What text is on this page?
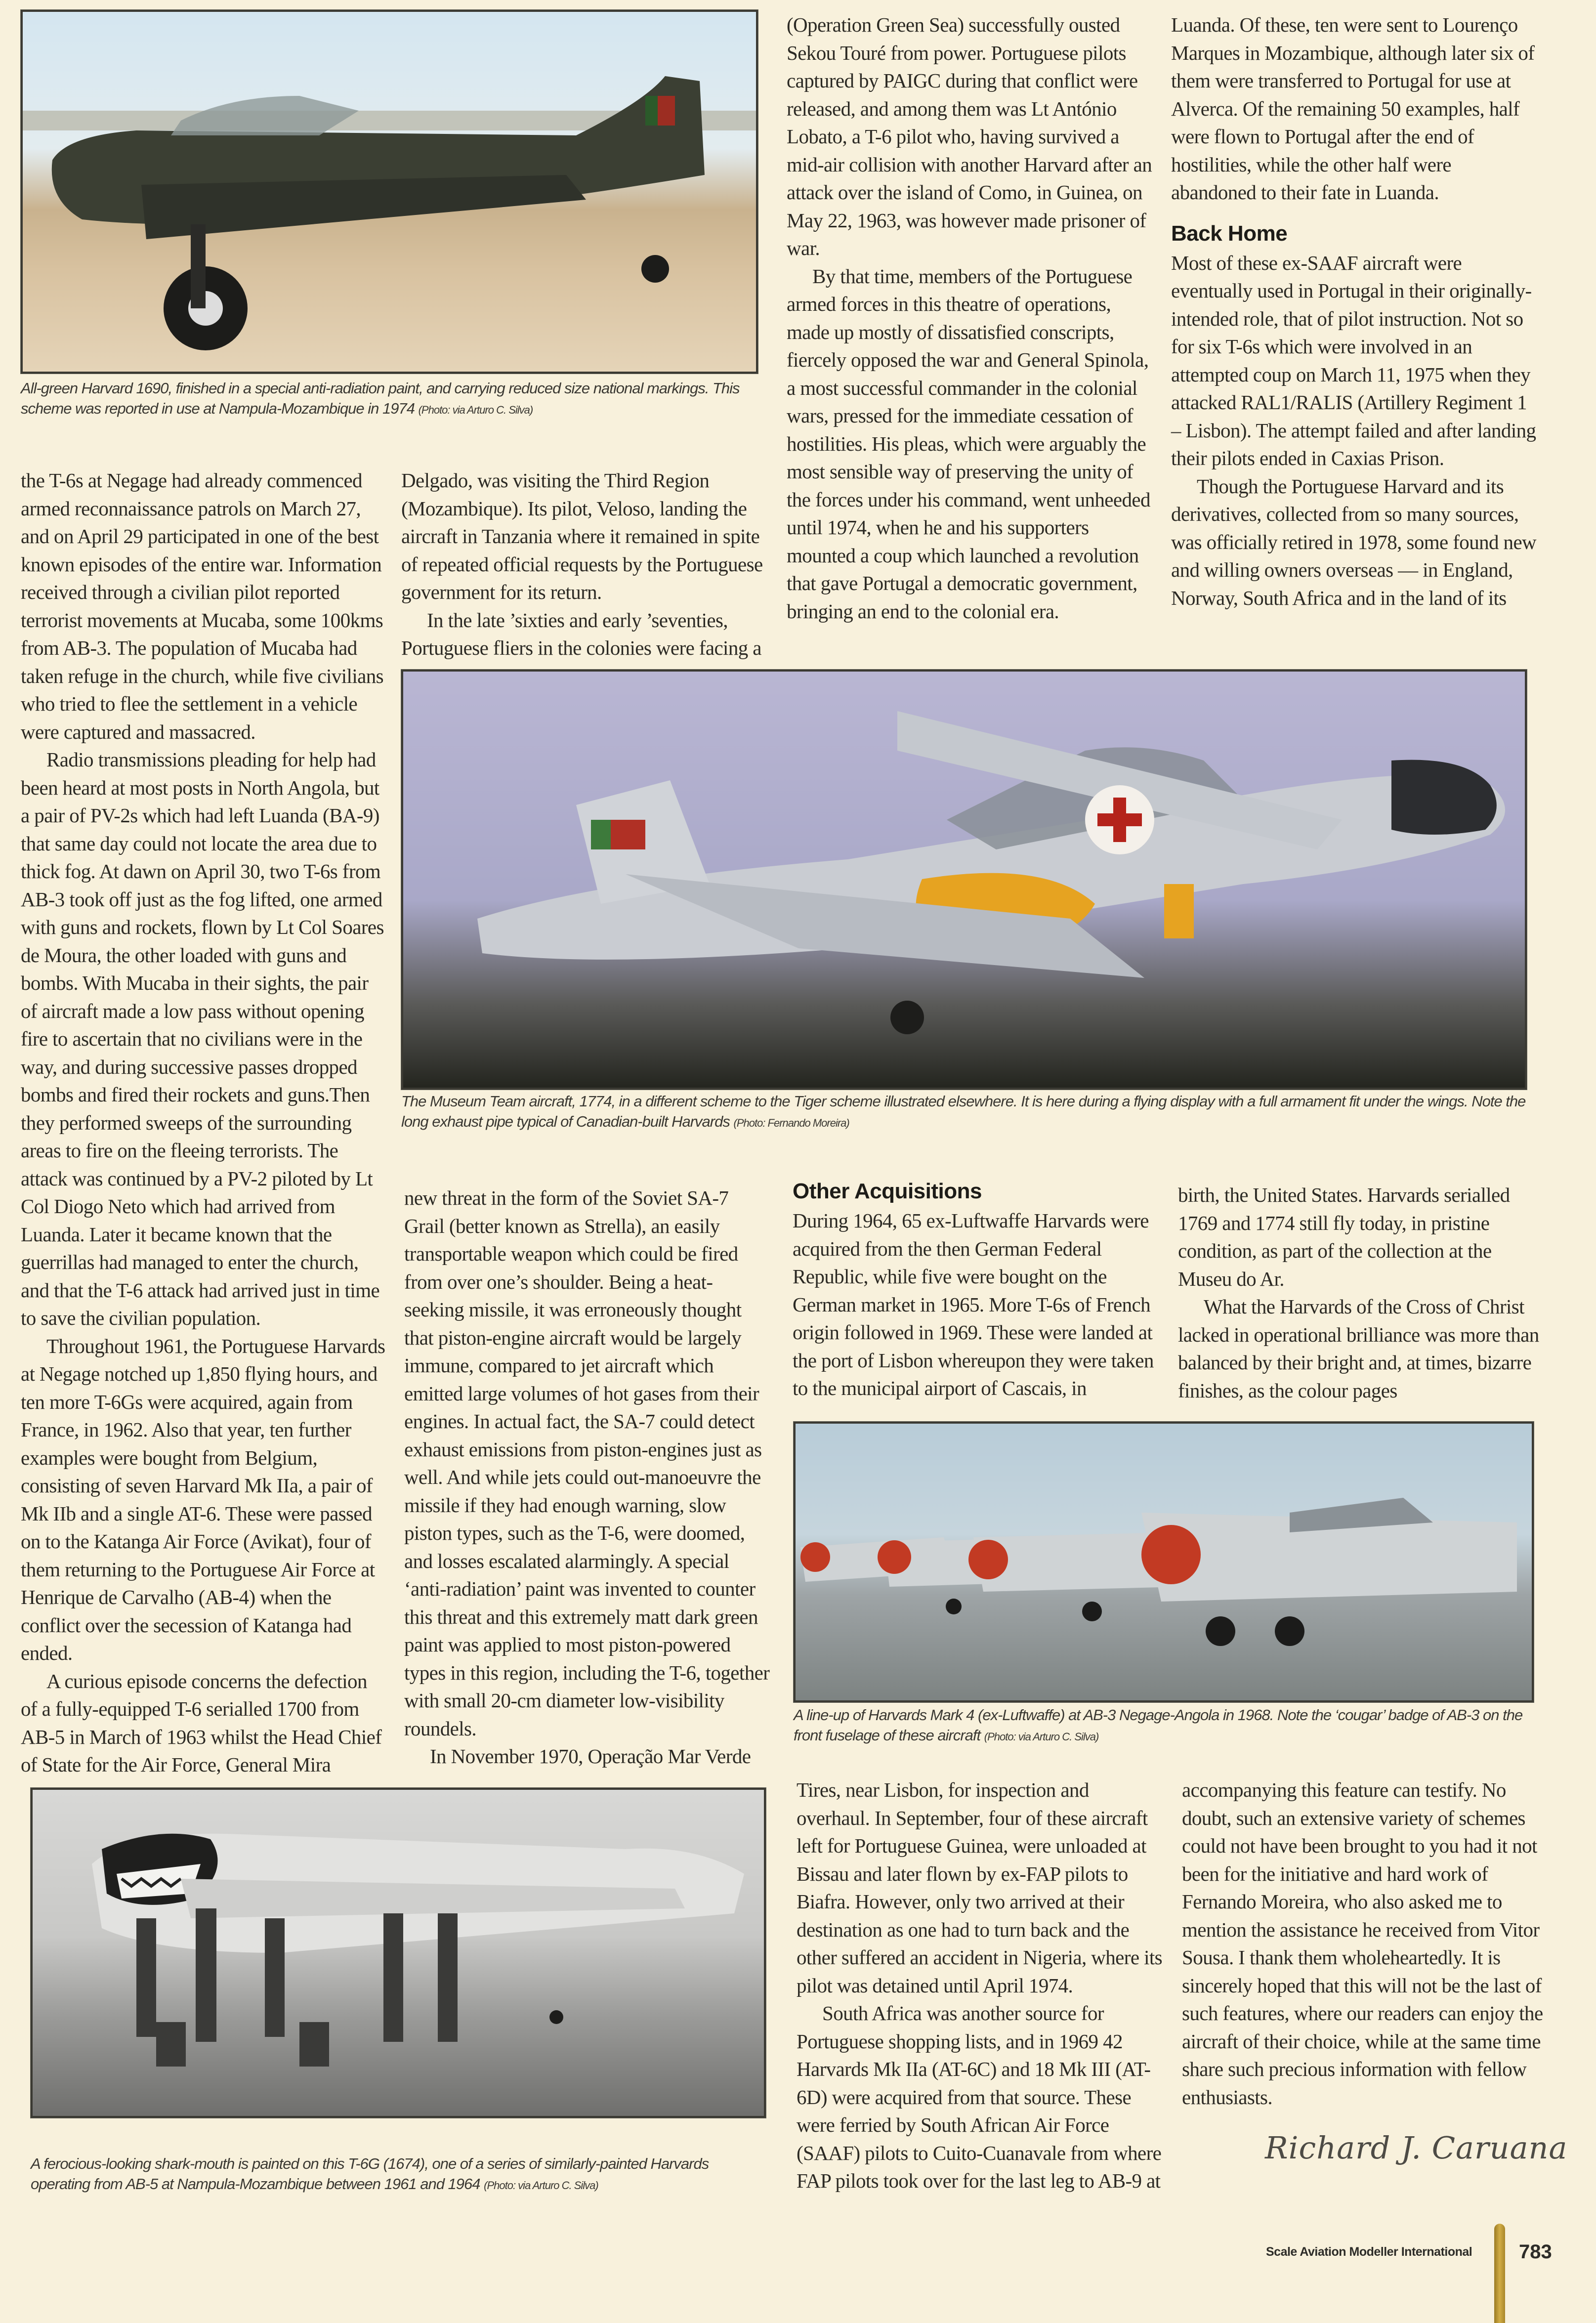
All-green Harvard 1690, finished in a special anti-radiation paint, and carrying reduced size national markings. This scheme was reported in use at Nampula-Mozambique in 1974 (Photo: via Arturo C. Silva)

(Operation Green Sea) successfully ousted Sekou Touré from power. Portuguese pilots captured by PAIGC during that conflict were released, and among them was Lt António Lobato, a T-6 pilot who, having survived a mid-air collision with another Harvard after an attack over the island of Como, in Guinea, on May 22, 1963, was however made prisoner of war.

By that time, members of the Portuguese armed forces in this theatre of operations, made up mostly of dissatisfied conscripts, fiercely opposed the war and General Spinola, a most successful commander in the colonial wars, pressed for the immediate cessation of hostilities. His pleas, which were arguably the most sensible way of preserving the unity of the forces under his command, went unheeded until 1974, when he and his supporters mounted a coup which launched a revolution that gave Portugal a democratic government, bringing an end to the colonial era.

Luanda. Of these, ten were sent to Lourenço Marques in Mozambique, although later six of them were transferred to Portugal for use at Alverca. Of the remaining 50 examples, half were flown to Portugal after the end of hostilities, while the other half were abandoned to their fate in Luanda.

Back Home

Most of these ex-SAAF aircraft were eventually used in Portugal in their originally-intended role, that of pilot instruction. Not so for six T-6s which were involved in an attempted coup on March 11, 1975 when they attacked RAL1/RALIS (Artillery Regiment 1 – Lisbon). The attempt failed and after landing their pilots ended in Caxias Prison.

Though the Portuguese Harvard and its derivatives, collected from so many sources, was officially retired in 1978, some found new and willing owners overseas — in England, Norway, South Africa and in the land of its

the T-6s at Negage had already commenced armed reconnaissance patrols on March 27, and on April 29 participated in one of the best known episodes of the entire war. Information received through a civilian pilot reported terrorist movements at Mucaba, some 100kms from AB-3. The population of Mucaba had taken refuge in the church, while five civilians who tried to flee the settlement in a vehicle were captured and massacred.

Radio transmissions pleading for help had been heard at most posts in North Angola, but a pair of PV-2s which had left Luanda (BA-9) that same day could not locate the area due to thick fog. At dawn on April 30, two T-6s from AB-3 took off just as the fog lifted, one armed with guns and rockets, flown by Lt Col Soares de Moura, the other loaded with guns and bombs. With Mucaba in their sights, the pair of aircraft made a low pass without opening fire to ascertain that no civilians were in the way, and during successive passes dropped bombs and fired their rockets and guns.Then they performed sweeps of the surrounding areas to fire on the fleeing terrorists. The attack was continued by a PV-2 piloted by Lt Col Diogo Neto which had arrived from Luanda. Later it became known that the guerrillas had managed to enter the church, and that the T-6 attack had arrived just in time to save the civilian population.

Throughout 1961, the Portuguese Harvards at Negage notched up 1,850 flying hours, and ten more T-6Gs were acquired, again from France, in 1962. Also that year, ten further examples were bought from Belgium, consisting of seven Harvard Mk IIa, a pair of Mk IIb and a single AT-6. These were passed on to the Katanga Air Force (Avikat), four of them returning to the Portuguese Air Force at Henrique de Carvalho (AB-4) when the conflict over the secession of Katanga had ended.

A curious episode concerns the defection of a fully-equipped T-6 serialled 1700 from AB-5 in March of 1963 whilst the Head Chief of State for the Air Force, General Mira

Delgado, was visiting the Third Region (Mozambique). Its pilot, Veloso, landing the aircraft in Tanzania where it remained in spite of repeated official requests by the Portuguese government for its return.

In the late ’sixties and early ’seventies, Portuguese fliers in the colonies were facing a

The Museum Team aircraft, 1774, in a different scheme to the Tiger scheme illustrated elsewhere. It is here during a flying display with a full armament fit under the wings. Note the long exhaust pipe typical of Canadian-built Harvards (Photo: Fernando Moreira)

new threat in the form of the Soviet SA-7 Grail (better known as Strella), an easily transportable weapon which could be fired from over one’s shoulder. Being a heat-seeking missile, it was erroneously thought that piston-engine aircraft would be largely immune, compared to jet aircraft which emitted large volumes of hot gases from their engines. In actual fact, the SA-7 could detect exhaust emissions from piston-engines just as well. And while jets could out-manoeuvre the missile if they had enough warning, slow piston types, such as the T-6, were doomed, and losses escalated alarmingly. A special ‘anti-radiation’ paint was invented to counter this threat and this extremely matt dark green paint was applied to most piston-powered types in this region, including the T-6, together with small 20-cm diameter low-visibility roundels.

In November 1970, Operação Mar Verde

Other Acquisitions

During 1964, 65 ex-Luftwaffe Harvards were acquired from the then German Federal Republic, while five were bought on the German market in 1965. More T-6s of French origin followed in 1969. These were landed at the port of Lisbon whereupon they were taken to the municipal airport of Cascais, in

birth, the United States. Harvards serialled 1769 and 1774 still fly today, in pristine condition, as part of the collection at the Museu do Ar.

What the Harvards of the Cross of Christ lacked in operational brilliance was more than balanced by their bright and, at times, bizarre finishes, as the colour pages

A line-up of Harvards Mark 4 (ex-Luftwaffe) at AB-3 Negage-Angola in 1968. Note the ‘cougar’ badge of AB-3 on the front fuselage of these aircraft (Photo: via Arturo C. Silva)
A ferocious-looking shark-mouth is painted on this T-6G (1674), one of a series of similarly-painted Harvards operating from AB-5 at Nampula-Mozambique between 1961 and 1964 (Photo: via Arturo C. Silva)

Tires, near Lisbon, for inspection and overhaul. In September, four of these aircraft left for Portuguese Guinea, were unloaded at Bissau and later flown by ex-FAP pilots to Biafra. However, only two arrived at their destination as one had to turn back and the other suffered an accident in Nigeria, where its pilot was detained until April 1974.

South Africa was another source for Portuguese shopping lists, and in 1969 42 Harvards Mk IIa (AT-6C) and 18 Mk III (AT-6D) were acquired from that source. These were ferried by South African Air Force (SAAF) pilots to Cuito-Cuanavale from where FAP pilots took over for the last leg to AB-9 at

accompanying this feature can testify. No doubt, such an extensive variety of schemes could not have been brought to you had it not been for the initiative and hard work of Fernando Moreira, who also asked me to mention the assistance he received from Vitor Sousa. I thank them wholeheartedly. It is sincerely hoped that this will not be the last of such features, where our readers can enjoy the aircraft of their choice, while at the same time share such precious information with fellow enthusiasts.

Richard J. Caruana
Scale Aviation Modeller International 783
